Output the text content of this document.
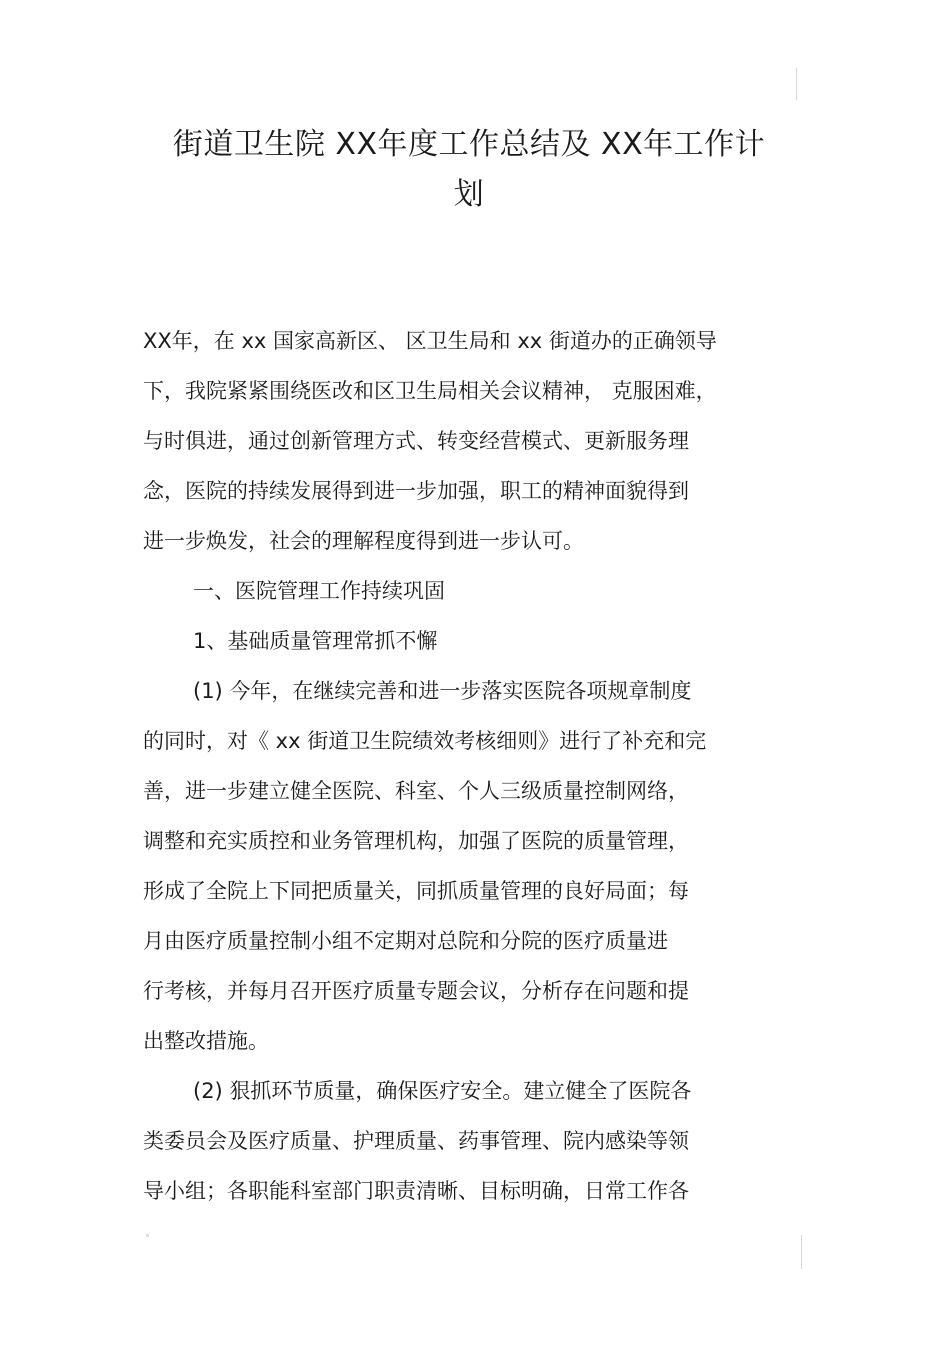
街道卫生院 XX年度工作总结及 XX年工作计
划
XX年，在 xx 国家高新区、 区卫生局和 xx 街道办的正确领导
下，我院紧紧围绕医改和区卫生局相关会议精神， 克服困难，
与时俱进，通过创新管理方式、转变经营模式、更新服务理
念，医院的持续发展得到进一步加强，职工的精神面貌得到
进一步焕发，社会的理解程度得到进一步认可。
一、医院管理工作持续巩固
1、基础质量管理常抓不懈
(1) 今年，在继续完善和进一步落实医院各项规章制度
的同时，对《 xx 街道卫生院绩效考核细则》进行了补充和完
善，进一步建立健全医院、科室、个人三级质量控制网络，
调整和充实质控和业务管理机构，加强了医院的质量管理，
形成了全院上下同把质量关，同抓质量管理的良好局面；每
月由医疗质量控制小组不定期对总院和分院的医疗质量进
行考核，并每月召开医疗质量专题会议，分析存在问题和提
出整改措施。
(2) 狠抓环节质量，确保医疗安全。建立健全了医院各
类委员会及医疗质量、护理质量、药事管理、院内感染等领
导小组；各职能科室部门职责清晰、目标明确，日常工作各
